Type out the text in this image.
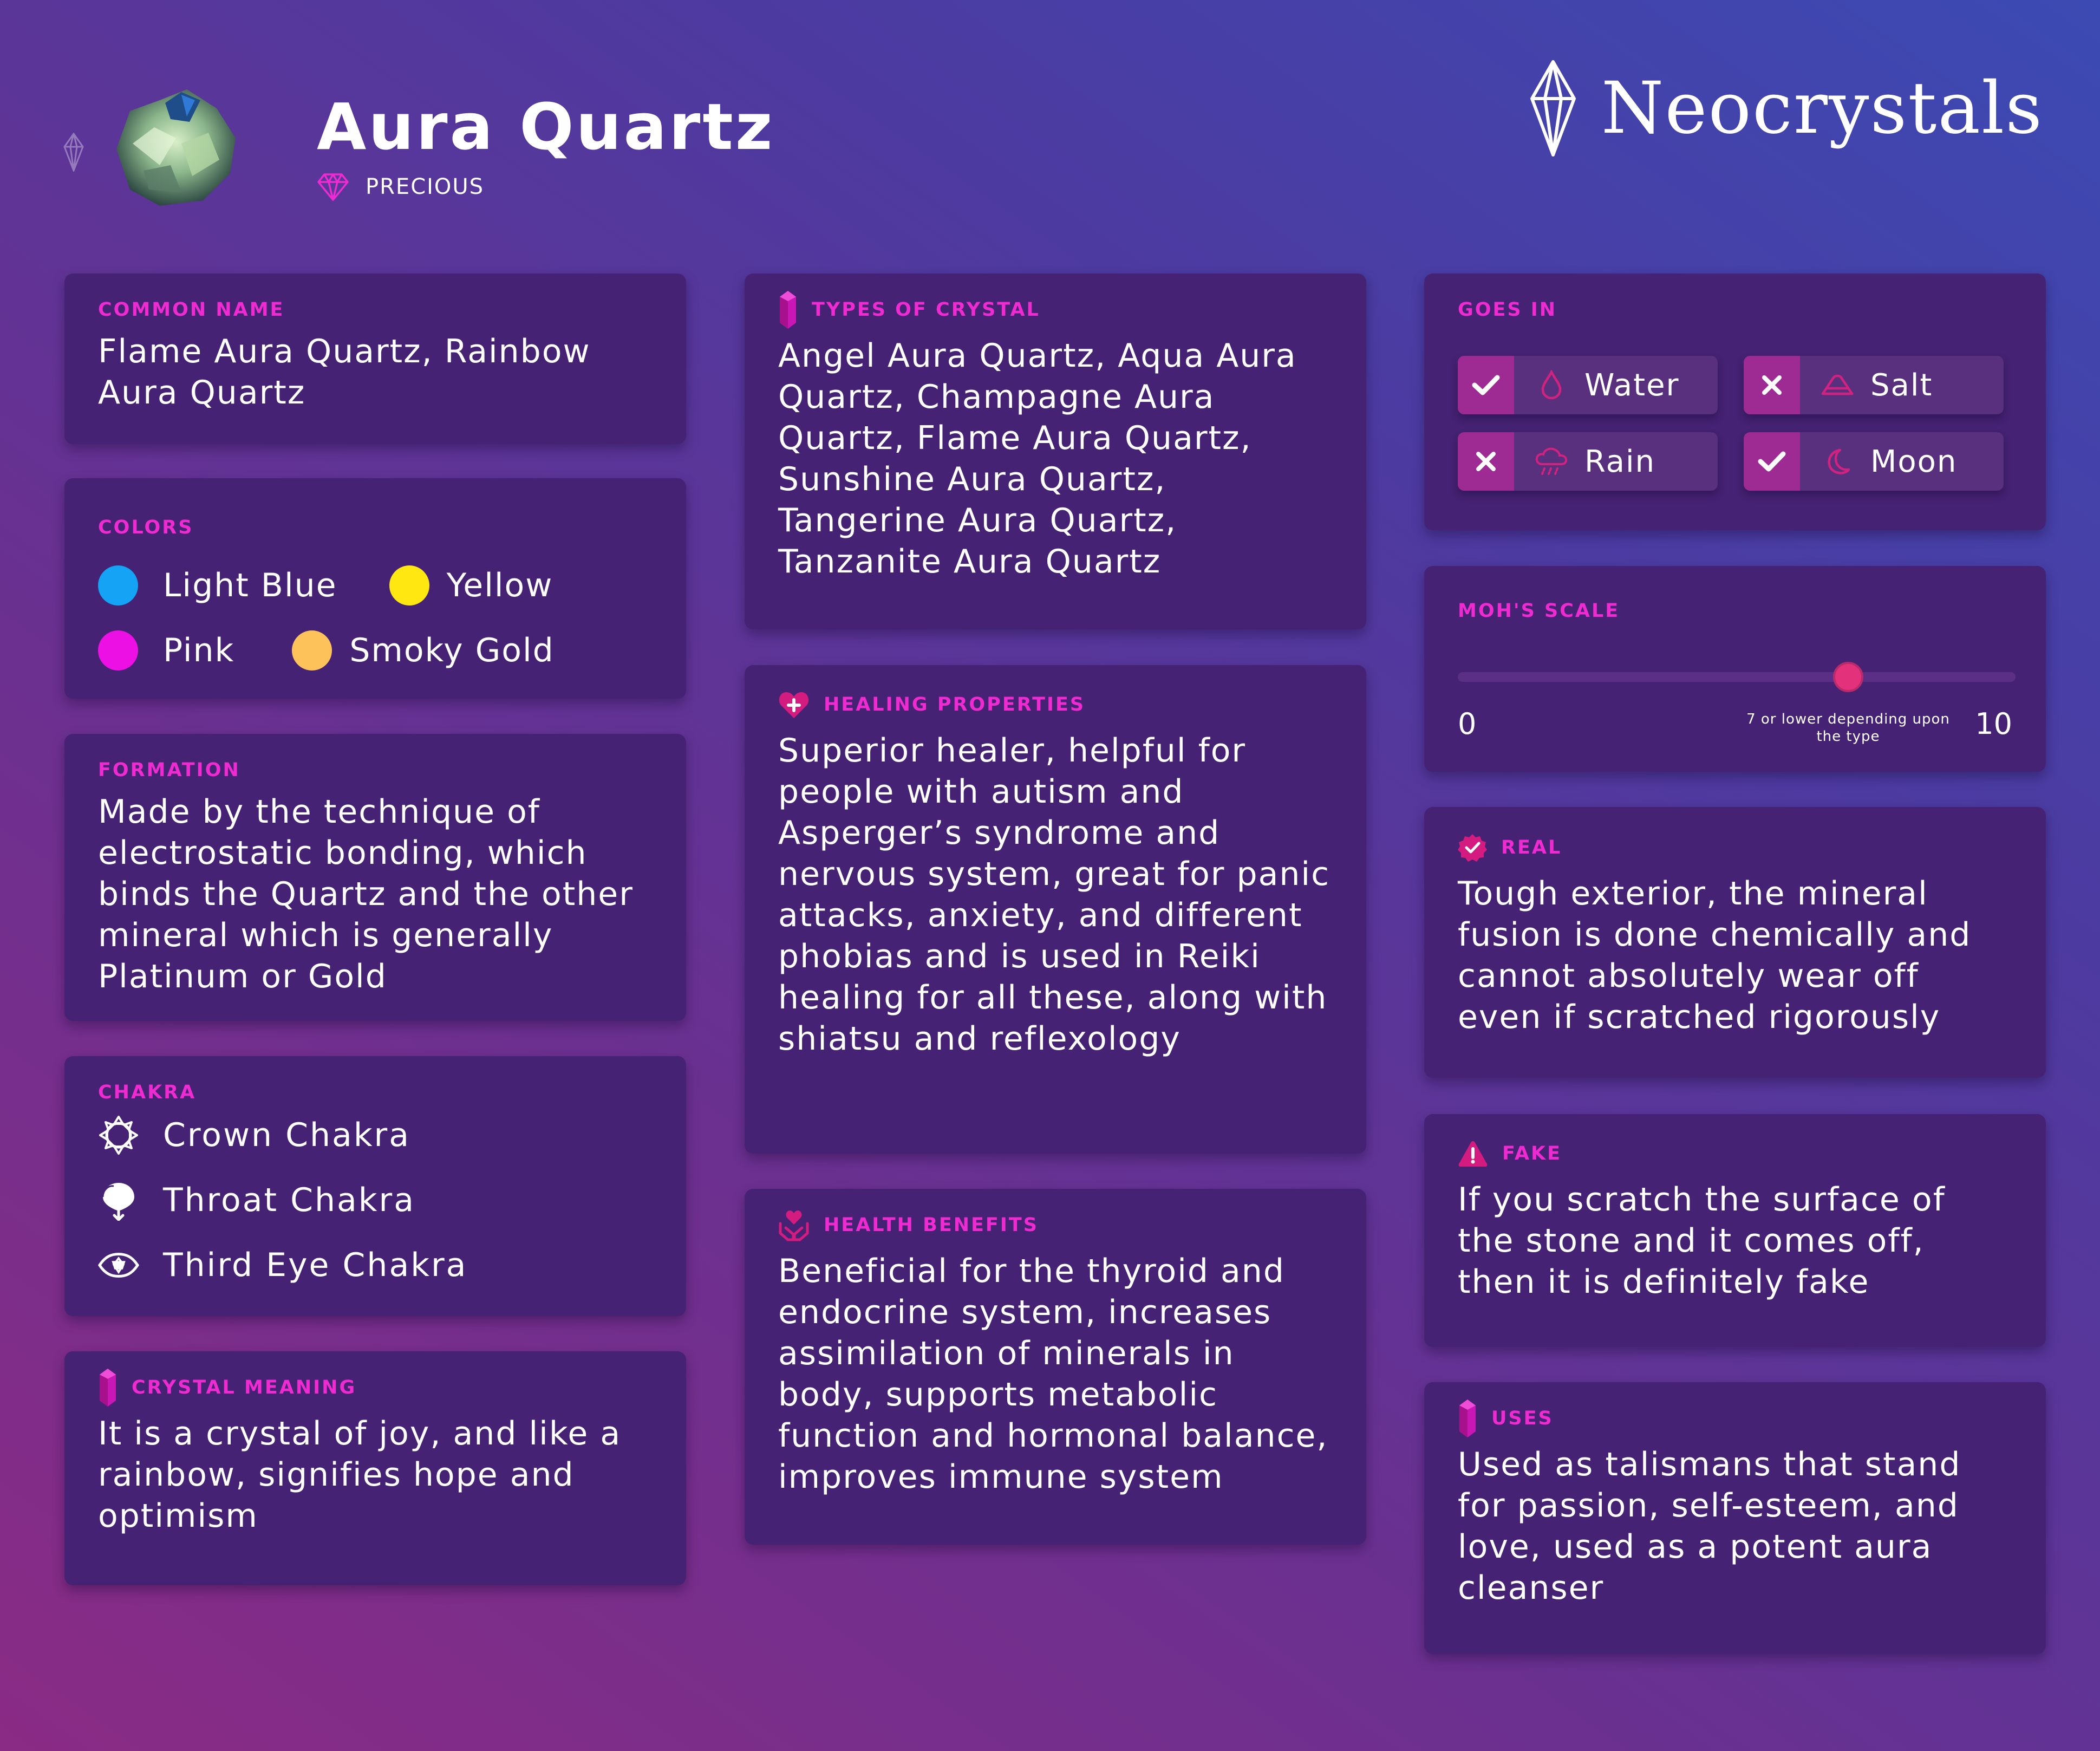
Aura Quartz
PRECIOUS
Neocrystals
COMMON NAME
Flame Aura Quartz, Rainbow Aura Quartz
COLORS
Light Blue	Yellow
Pink	Smoky Gold
FORMATION
Made by the technique of electrostatic bonding, which binds the Quartz and the other mineral which is generally Platinum or Gold
CHAKRA
Crown Chakra
Throat Chakra
Third Eye Chakra
CRYSTAL MEANING
It is a crystal of joy, and like a rainbow, signifies hope and optimism
TYPES OF CRYSTAL
Angel Aura Quartz, Aqua Aura Quartz, Champagne Aura Quartz, Flame Aura Quartz, Sunshine Aura Quartz, Tangerine Aura Quartz, Tanzanite Aura Quartz
HEALING PROPERTIES
Superior healer, helpful for people with autism and Asperger’s syndrome and nervous system, great for panic attacks, anxiety, and different phobias and is used in Reiki healing for all these, along with shiatsu and reflexology
HEALTH BENEFITS
Beneficial for the thyroid and endocrine system, increases assimilation of minerals in body, supports metabolic function and hormonal balance, improves immune system
GOES IN
Water	Salt
Rain	Moon
MOH'S SCALE
0	7 or lower depending upon the type	10
REAL
Tough exterior, the mineral fusion is done chemically and cannot absolutely wear off even if scratched rigorously
FAKE
If you scratch the surface of the stone and it comes off, then it is definitely fake
USES
Used as talismans that stand for passion, self-esteem, and love, used as a potent aura cleanser
